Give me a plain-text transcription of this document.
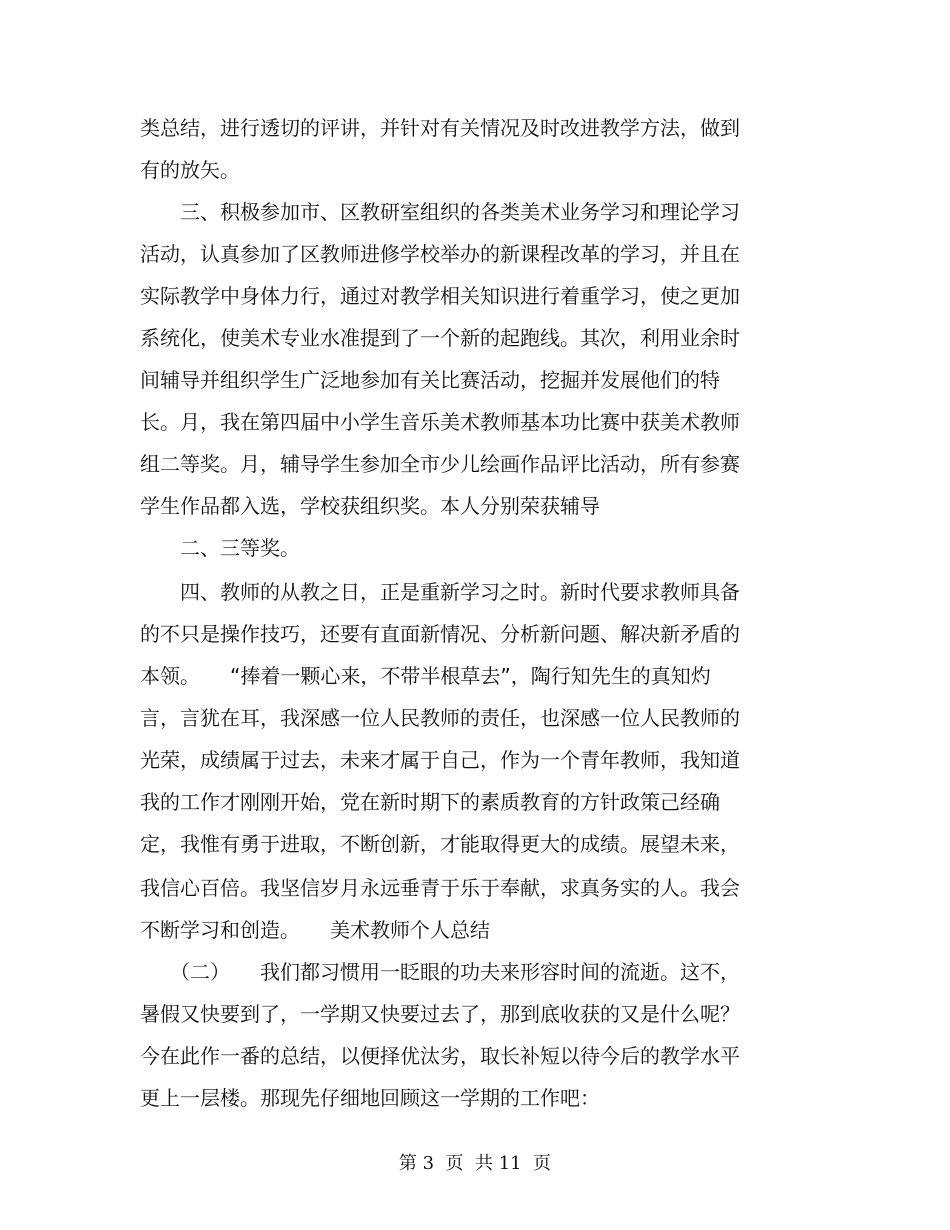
类总结，进行透切的评讲，并针对有关情况及时改进教学方法，做到
有的放矢。
　　三、积极参加市、区教研室组织的各类美术业务学习和理论学习
活动，认真参加了区教师进修学校举办的新课程改革的学习，并且在
实际教学中身体力行，通过对教学相关知识进行着重学习，使之更加
系统化，使美术专业水准提到了一个新的起跑线。其次，利用业余时
间辅导并组织学生广泛地参加有关比赛活动，挖掘并发展他们的特
长。月，我在第四届中小学生音乐美术教师基本功比赛中获美术教师
组二等奖。月，辅导学生参加全市少儿绘画作品评比活动，所有参赛
学生作品都入选，学校获组织奖。本人分别荣获辅导
　　二、三等奖。
　　四、教师的从教之日，正是重新学习之时。新时代要求教师具备
的不只是操作技巧，还要有直面新情况、分析新问题、解决新矛盾的
本领。　　“捧着一颗心来，不带半根草去”，陶行知先生的真知灼
言，言犹在耳，我深感一位人民教师的责任，也深感一位人民教师的
光荣，成绩属于过去，未来才属于自己，作为一个青年教师，我知道
我的工作才刚刚开始，党在新时期下的素质教育的方针政策己经确
定，我惟有勇于进取，不断创新，才能取得更大的成绩。展望未来，
我信心百倍。我坚信岁月永远垂青于乐于奉献，求真务实的人。我会
不断学习和创造。　　美术教师个人总结
　　（二）　　我们都习惯用一眨眼的功夫来形容时间的流逝。这不，
暑假又快要到了，一学期又快要过去了，那到底收获的又是什么呢？
今在此作一番的总结，以便择优汰劣，取长补短以待今后的教学水平
更上一层楼。那现先仔细地回顾这一学期的工作吧：
第 3  页  共 11  页
